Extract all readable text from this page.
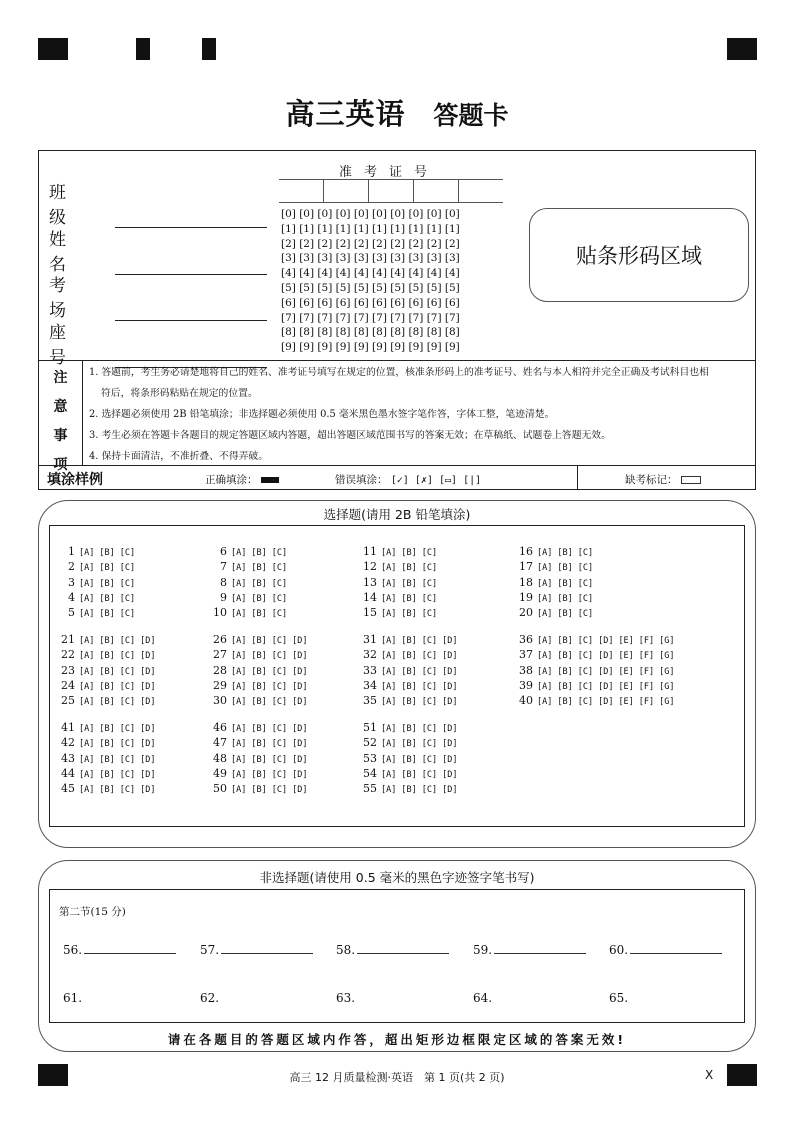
高三英语 答题卡
班 级
姓 名
考 场
座 号
准考证号
[0] [0] [0] [0] [0] [0] [0] [0] [0] [0]
[1] [1] [1] [1] [1] [1] [1] [1] [1] [1]
[2] [2] [2] [2] [2] [2] [2] [2] [2] [2]
[3] [3] [3] [3] [3] [3] [3] [3] [3] [3]
[4] [4] [4] [4] [4] [4] [4] [4] [4] [4]
[5] [5] [5] [5] [5] [5] [5] [5] [5] [5]
[6] [6] [6] [6] [6] [6] [6] [6] [6] [6]
[7] [7] [7] [7] [7] [7] [7] [7] [7] [7]
[8] [8] [8] [8] [8] [8] [8] [8] [8] [8]
[9] [9] [9] [9] [9] [9] [9] [9] [9] [9]
贴条形码区域
注
意
事
项

1. 答题前，考生务必请楚地将自己的姓名、准考证号填写在规定的位置，核准条形码上的准考证号、姓名与本人相符并完全正确及考试科目也相

符后，将条形码粘贴在规定的位置。

2. 选择题必须使用 2B 铅笔填涂；非选择题必须使用 0.5 毫米黑色墨水签字笔作答，字体工整，笔迹清楚。

3. 考生必须在答题卡各题目的规定答题区域内答题，超出答题区域范围书写的答案无效；在草稿纸、试题卷上答题无效。

4. 保持卡面清洁，不准折叠、不得弄破。

填涂样例	正确填涂：	错误填涂： [✓] [✗] [▭] [|]	缺考标记：
选择题(请用 2B 铅笔填涂)
1 [A] [B] [C]
2 [A] [B] [C]
3 [A] [B] [C]
4 [A] [B] [C]
5 [A] [B] [C]
6 [A] [B] [C]
7 [A] [B] [C]
8 [A] [B] [C]
9 [A] [B] [C]
10 [A] [B] [C]
11 [A] [B] [C]
12 [A] [B] [C]
13 [A] [B] [C]
14 [A] [B] [C]
15 [A] [B] [C]
16 [A] [B] [C]
17 [A] [B] [C]
18 [A] [B] [C]
19 [A] [B] [C]
20 [A] [B] [C]
21 [A] [B] [C] [D]
22 [A] [B] [C] [D]
23 [A] [B] [C] [D]
24 [A] [B] [C] [D]
25 [A] [B] [C] [D]
26 [A] [B] [C] [D]
27 [A] [B] [C] [D]
28 [A] [B] [C] [D]
29 [A] [B] [C] [D]
30 [A] [B] [C] [D]
31 [A] [B] [C] [D]
32 [A] [B] [C] [D]
33 [A] [B] [C] [D]
34 [A] [B] [C] [D]
35 [A] [B] [C] [D]
36 [A] [B] [C] [D] [E] [F] [G]
37 [A] [B] [C] [D] [E] [F] [G]
38 [A] [B] [C] [D] [E] [F] [G]
39 [A] [B] [C] [D] [E] [F] [G]
40 [A] [B] [C] [D] [E] [F] [G]
41 [A] [B] [C] [D]
42 [A] [B] [C] [D]
43 [A] [B] [C] [D]
44 [A] [B] [C] [D]
45 [A] [B] [C] [D]
46 [A] [B] [C] [D]
47 [A] [B] [C] [D]
48 [A] [B] [C] [D]
49 [A] [B] [C] [D]
50 [A] [B] [C] [D]
51 [A] [B] [C] [D]
52 [A] [B] [C] [D]
53 [A] [B] [C] [D]
54 [A] [B] [C] [D]
55 [A] [B] [C] [D]
非选择题(请使用 0.5 毫米的黑色字迹签字笔书写)
第二节(15 分)
56.	57.	58.	59.	60.
61.	62.	63.	64.	65.
请在各题目的答题区域内作答，超出矩形边框限定区域的答案无效!
高三 12 月质量检测·英语　第 1 页(共 2 页)	X
